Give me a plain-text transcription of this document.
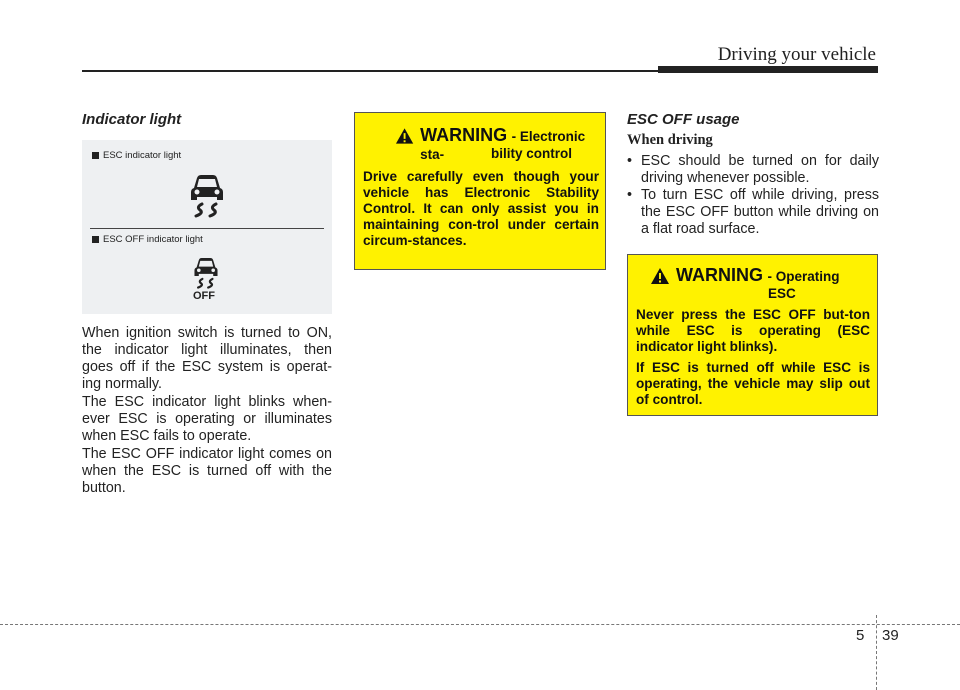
Driving your vehicle
Indicator light
ESC indicator light
ESC OFF indicator light
OFF
When ignition switch is turned to ON, the indicator light illuminates, then goes off if the ESC system is operat-ing normally.
The ESC indicator light blinks when-ever ESC is operating or illuminates when ESC fails to operate.
The ESC OFF indicator light comes on when the ESC is turned off with the button.
WARNING - Electronic sta-	bility control
Drive carefully even though your vehicle has Electronic Stability Control. It can only assist you in maintaining con-trol under certain circum-stances.
ESC OFF usage
When driving
• ESC should be turned on for daily driving whenever possible.
• To turn ESC off while driving, press the ESC OFF button while driving on a flat road surface.
WARNING - Operating
ESC
Never press the ESC OFF but-ton while ESC is operating (ESC indicator light blinks).
If ESC is turned off while ESC is operating, the vehicle may slip out of control.
5 39
